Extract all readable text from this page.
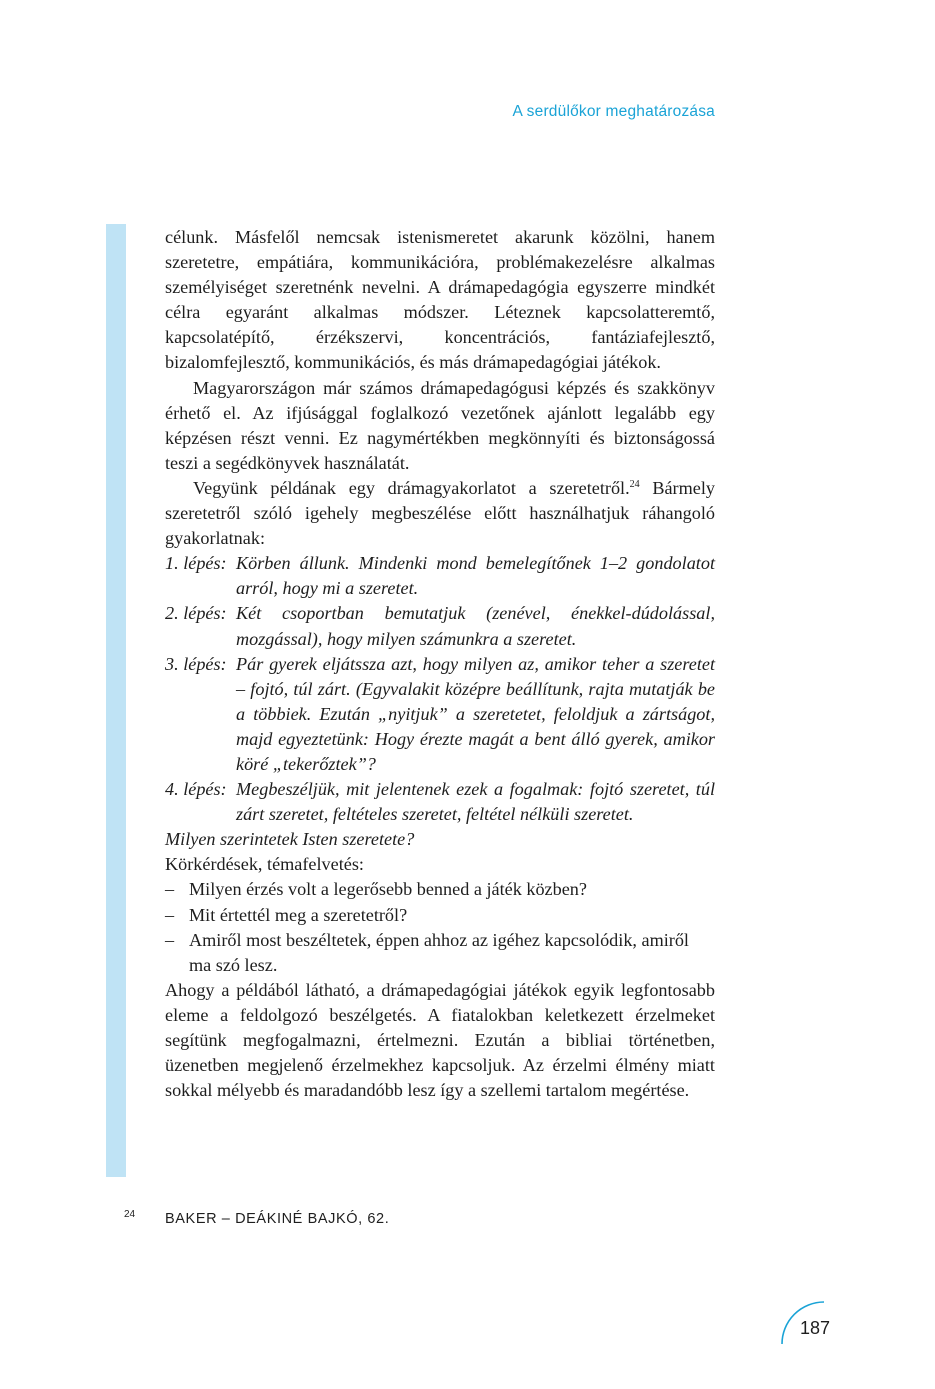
A serdülőkor meghatározása

célunk. Másfelől nemcsak istenismeretet akarunk közölni, hanem szeretetre, empátiára, kommunikációra, problémakezelésre alkalmas személyiséget szeretnénk nevelni. A drámapedagógia egyszerre mindkét célra egyaránt alkalmas módszer. Léteznek kapcsolatteremtő, kapcsolatépítő, érzékszervi, koncentrációs, fantáziafejlesztő, bizalomfejlesztő, kommunikációs, és más drámapedagógiai játékok.

Magyarországon már számos drámapedagógusi képzés és szakkönyv érhető el. Az ifjúsággal foglalkozó vezetőnek ajánlott legalább egy képzésen részt venni. Ez nagymértékben megkönnyíti és biztonságossá teszi a segédkönyvek használatát.

Vegyünk példának egy drámagyakorlatot a szeretetről.$^{24}$ Bármely szeretetről szóló igehely megbeszélése előtt használhatjuk ráhangoló gyakorlatnak:

1. lépés: Körben állunk. Mindenki mond bemelegítőnek 1–2 gondolatot arról, hogy mi a szeretet.
2. lépés: Két csoportban bemutatjuk (zenével, énekkel-dúdolással, mozgással), hogy milyen számunkra a szeretet.
3. lépés: Pár gyerek eljátssza azt, hogy milyen az, amikor teher a szeretet – fojtó, túl zárt. (Egyvalakit középre beállítunk, rajta mutatják be a többiek. Ezután „nyitjuk” a szeretetet, feloldjuk a zártságot, majd egyeztetünk: Hogy érezte magát a bent álló gyerek, amikor köré „tekerőztek”?
4. lépés: Megbeszéljük, mit jelentenek ezek a fogalmak: fojtó szeretet, túl zárt szeretet, feltételes szeretet, feltétel nélküli szeretet.

Milyen szerintetek Isten szeretete?

Körkérdések, témafelvetés:

– Milyen érzés volt a legerősebb benned a játék közben?
– Mit értettél meg a szeretetről?
– Amiről most beszéltetek, éppen ahhoz az igéhez kapcsolódik, amiről ma szó lesz.

Ahogy a példából látható, a drámapedagógiai játékok egyik legfontosabb eleme a feldolgozó beszélgetés. A fiatalokban keletkezett érzelmeket segítünk megfogalmazni, értelmezni. Ezután a bibliai történetben, üzenetben megjelenő érzelmekhez kapcsoljuk. Az érzelmi élmény miatt sokkal mélyebb és maradandóbb lesz így a szellemi tartalom megértése.

24 BAKER – DEÁKINÉ BAJKÓ, 62.
187
